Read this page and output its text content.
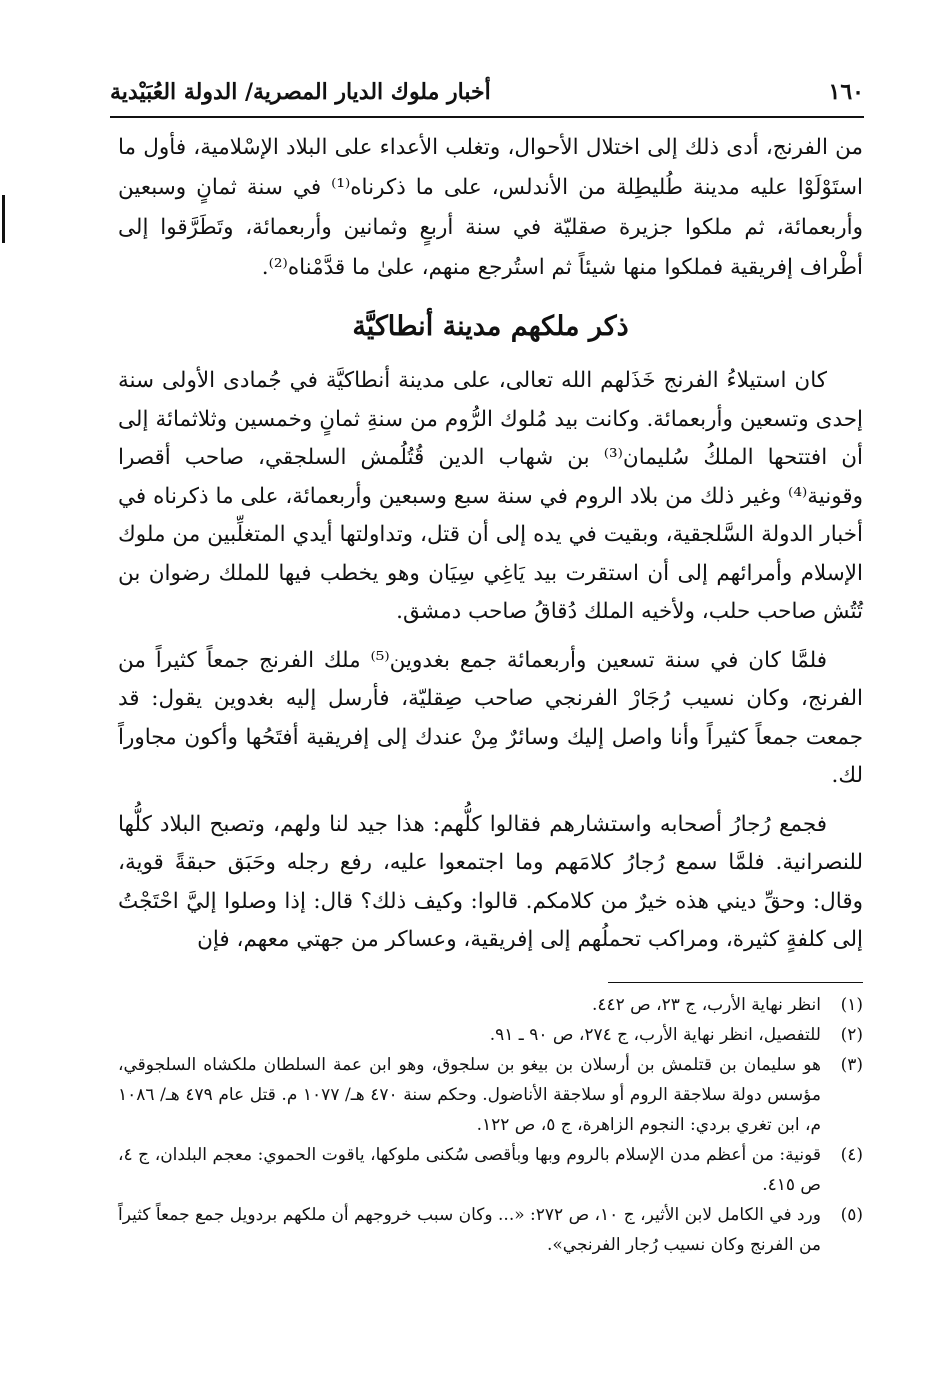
١٦٠
أخبار ملوك الديار المصرية/ الدولة العُبَيْدية

من الفرنج، أدى ذلك إلى اختلال الأحوال، وتغلب الأعداء على البلاد الإسْلامية، فأول ما استَوْلَوْا عليه مدينة طُليطِلة من الأندلس، على ما ذكرناه⁽¹⁾ في سنة ثمانٍ وسبعين وأربعمائة، ثم ملكوا جزيرة صقليّة في سنة أربعٍ وثمانين وأربعمائة، وتَطَرَّقوا إلى أطْراف إفريقية فملكوا منها شيئاً ثم استُرجع منهم، علىٰ ما قدَّمْناه⁽²⁾.

ذكر ملكهم مدينة أنطاكيَّة

كان استيلاءُ الفرنج خَذَلهم الله تعالى، على مدينة أنطاكيَّة في جُمادى الأولى سنة إحدى وتسعين وأربعمائة. وكانت بيد مُلوك الرُّوم من سنةِ ثمانٍ وخمسين وثلاثمائة إلى أن افتتحها الملكُ سُليمان⁽³⁾ بن شهاب الدين قُتُلُمش السلجقي، صاحب أقصرا وقونية⁽⁴⁾ وغير ذلك من بلاد الروم في سنة سبع وسبعين وأربعمائة، على ما ذكرناه في أخبار الدولة السَّلجقية، وبقيت في يده إلى أن قتل، وتداولتها أيدي المتغلِّبين من ملوك الإسلام وأمرائهم إلى أن استقرت بيد يَاغِي سِيَان وهو يخطب فيها للملك رضوان بن تُتُش صاحب حلب، ولأخيه الملك دُقاقُ صاحب دمشق.

فلمَّا كان في سنة تسعين وأربعمائة جمع بغدوين⁽⁵⁾ ملك الفرنج جمعاً كثيراً من الفرنج، وكان نسيب رُجَارْ الفرنجي صاحب صِقليّة، فأرسل إليه بغدوين يقول: قد جمعت جمعاً كثيراً وأنا واصل إليك وسائرٌ مِنْ عندك إلى إفريقية أفتَحُها وأكون مجاوراً لك.

فجمع رُجارُ أصحابه واستشارهم فقالوا كلُّهم: هذا جيد لنا ولهم، وتصبح البلاد كلُّها للنصرانية. فلمَّا سمع رُجارُ كلامَهم وما اجتمعوا عليه، رفع رجله وحَبَق حبقةً قوية، وقال: وحقِّ ديني هذه خيرٌ من كلامكم. قالوا: وكيف ذلك؟ قال: إذا وصلوا إليَّ احْتَجْتُ إلى كلفةٍ كثيرة، ومراكب تحملُهم إلى إفريقية، وعساكر من جهتي معهم، فإن

(١)
انظر نهاية الأرب، ج ٢٣، ص ٤٤٢.
(٢)
للتفصيل، انظر نهاية الأرب، ج ٢٧٤، ص ٩٠ ـ ٩١.
(٣)
هو سليمان بن قتلمش بن أرسلان بن بيغو بن سلجوق، وهو ابن عمة السلطان ملكشاه السلجوقي، مؤسس دولة سلاجقة الروم أو سلاجقة الأناضول. وحكم سنة ٤٧٠ هـ/ ١٠٧٧ م. قتل عام ٤٧٩ هـ/ ١٠٨٦ م، ابن تغري بردي: النجوم الزاهرة، ج ٥، ص ١٢٢.
(٤)
قونية: من أعظم مدن الإسلام بالروم وبها وبأقصى سُكنى ملوكها، ياقوت الحموي: معجم البلدان، ج ٤، ص ٤١٥.
(٥)
ورد في الكامل لابن الأثير، ج ١٠، ص ٢٧٢: «... وكان سبب خروجهم أن ملكهم بردويل جمع جمعاً كثيراً من الفرنج وكان نسيب رُجار الفرنجي».
